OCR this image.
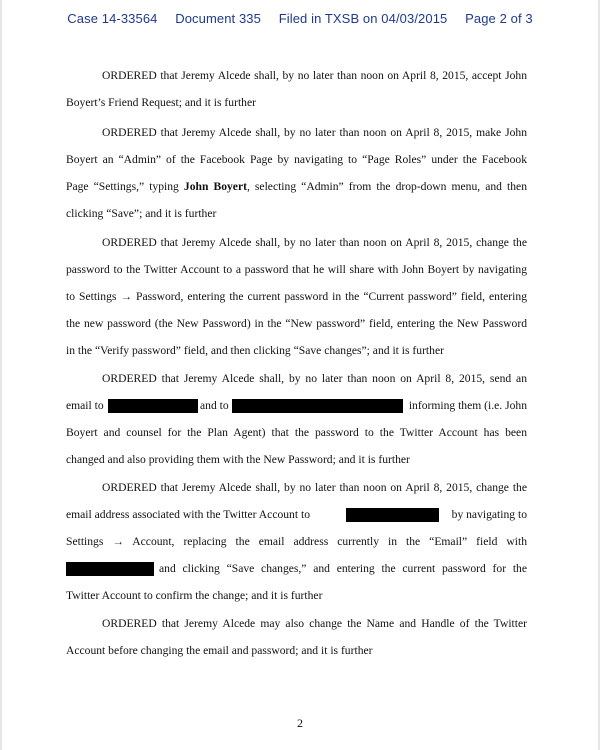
Case 14-33564 Document 335 Filed in TXSB on 04/03/2015 Page 2 of 3
ORDERED that Jeremy Alcede shall, by no later than noon on April 8, 2015, accept John
Boyert’s Friend Request; and it is further
ORDERED that Jeremy Alcede shall, by no later than noon on April 8, 2015, make John
Boyert an “Admin” of the Facebook Page by navigating to “Page Roles” under the Facebook
Page “Settings,” typing John Boyert, selecting “Admin” from the drop-down menu, and then
clicking “Save”; and it is further
ORDERED that Jeremy Alcede shall, by no later than noon on April 8, 2015, change the
password to the Twitter Account to a password that he will share with John Boyert by navigating
to Settings → Password, entering the current password in the “Current password” field, entering
the new password (the New Password) in the “New password” field, entering the New Password
in the “Verify password” field, and then clicking “Save changes”; and it is further
ORDERED that Jeremy Alcede shall, by no later than noon on April 8, 2015, send an
email to	and to	informing them (i.e. John
Boyert and counsel for the Plan Agent) that the password to the Twitter Account has been
changed and also providing them with the New Password; and it is further
ORDERED that Jeremy Alcede shall, by no later than noon on April 8, 2015, change the
email address associated with the Twitter Account to	by navigating to
Settings → Account, replacing the email address currently in the “Email” field with
and clicking “Save changes,” and entering the current password for the
Twitter Account to confirm the change; and it is further
ORDERED that Jeremy Alcede may also change the Name and Handle of the Twitter
Account before changing the email and password; and it is further
2
